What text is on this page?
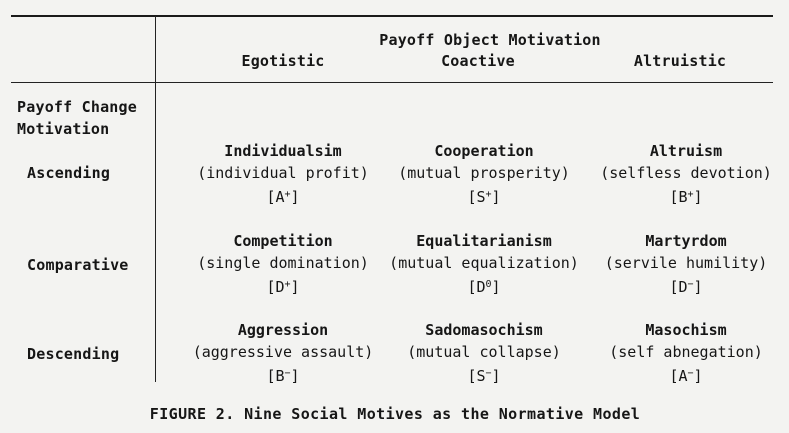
Payoff Object Motivation
Egotistic	Coactive	Altruistic
Payoff Change
Motivation
Ascending
Comparative
Descending
Individualsim
(individual profit)
[A+]
Cooperation
(mutual prosperity)
[S+]
Altruism
(selfless devotion)
[B+]
Competition
(single domination)
[D+]
Equalitarianism
(mutual equalization)
$[D^0]$
Martyrdom
(servile humility)
[D−]
Aggression
(aggressive assault)
[B−]
Sadomasochism
(mutual collapse)
[S−]
Masochism
(self abnegation)
[A−]
FIGURE 2. Nine Social Motives as the Normative Model
